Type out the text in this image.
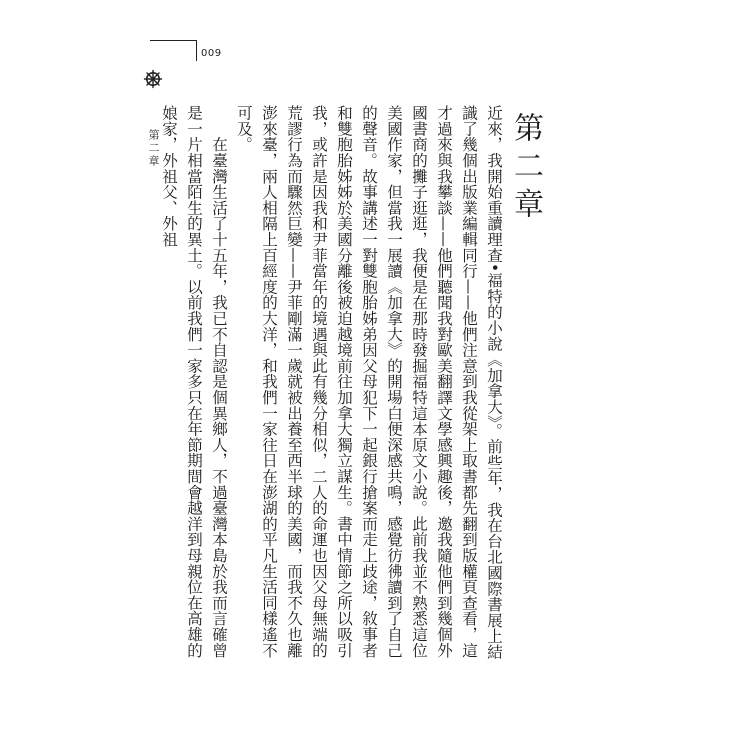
009
第二章	第二章

近來，我開始重讀理查•福特的小說《加拿大》。前些年，我在台北國際書展上結識了幾個出版業編輯同行——他們注意到我從架上取書都先翻到版權頁查看，這才過來與我攀談——他們聽聞我對歐美翻譯文學感興趣後，邀我隨他們到幾個外國書商的攤子逛逛，我便是在那時發掘福特這本原文小說。此前我並不熟悉這位美國作家，但當我一展讀《加拿大》的開場白便深感共鳴，感覺彷彿讀到了自己的聲音。故事講述一對雙胞胎姊弟因父母犯下一起銀行搶案而走上歧途，敘事者和雙胞胎姊姊於美國分離後被迫越境前往加拿大獨立謀生。書中情節之所以吸引我，或許是因我和尹菲當年的境遇與此有幾分相似，二人的命運也因父母無端的荒謬行為而驟然巨變——尹菲剛滿一歲就被出養至西半球的美國，而我不久也離澎來臺，兩人相隔上百經度的大洋，和我們一家往日在澎湖的平凡生活同樣遙不可及。

　　在臺灣生活了十五年，我已不自認是個異鄉人，不過臺灣本島於我而言確曾是一片相當陌生的異土。以前我們一家多只在年節期間會越洋到母親位在高雄的娘家，外祖父、外祖
